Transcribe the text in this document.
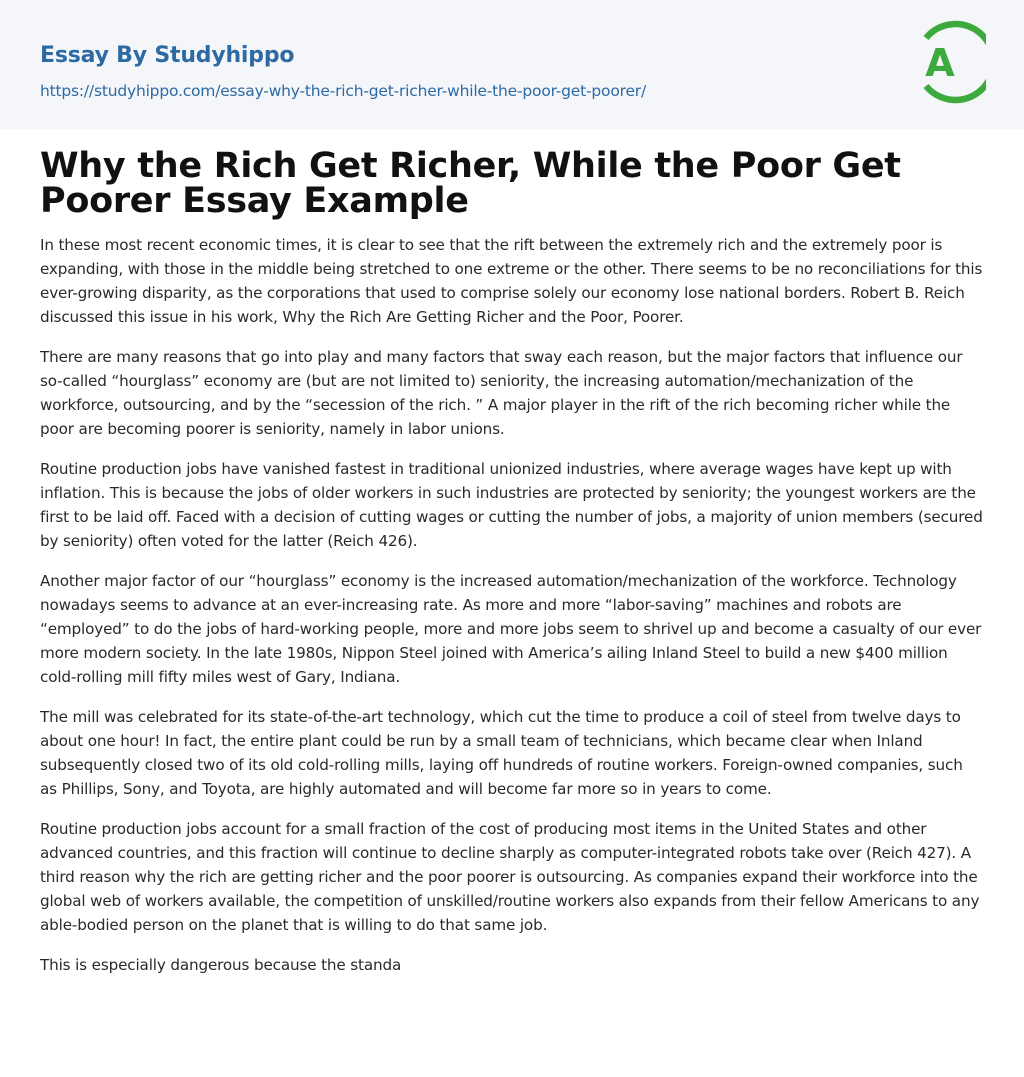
Essay By Studyhippo
https://studyhippo.com/essay-why-the-rich-get-richer-while-the-poor-get-poorer/
A
Why the Rich Get Richer, While the Poor Get Poorer Essay Example

In these most recent economic times, it is clear to see that the rift between the extremely rich and the extremely poor is expanding, with those in the middle being stretched to one extreme or the other. There seems to be no reconciliations for this ever-growing disparity, as the corporations that used to comprise solely our economy lose national borders. Robert B. Reich discussed this issue in his work, Why the Rich Are Getting Richer and the Poor, Poorer.

There are many reasons that go into play and many factors that sway each reason, but the major factors that influence our so-called “hourglass” economy are (but are not limited to) seniority, the increasing automation/mechanization of the workforce, outsourcing, and by the “secession of the rich. ” A major player in the rift of the rich becoming richer while the poor are becoming poorer is seniority, namely in labor unions.

Routine production jobs have vanished fastest in traditional unionized industries, where average wages have kept up with inflation. This is because the jobs of older workers in such industries are protected by seniority; the youngest workers are the first to be laid off. Faced with a decision of cutting wages or cutting the number of jobs, a majority of union members (secured by seniority) often voted for the latter (Reich 426).

Another major factor of our “hourglass” economy is the increased automation/mechanization of the workforce. Technology nowadays seems to advance at an ever-increasing rate. As more and more “labor-saving” machines and robots are “employed” to do the jobs of hard-working people, more and more jobs seem to shrivel up and become a casualty of our ever more modern society. In the late 1980s, Nippon Steel joined with America’s ailing Inland Steel to build a new $400 million cold-rolling mill fifty miles west of Gary, Indiana.

The mill was celebrated for its state-of-the-art technology, which cut the time to produce a coil of steel from twelve days to about one hour! In fact, the entire plant could be run by a small team of technicians, which became clear when Inland subsequently closed two of its old cold-rolling mills, laying off hundreds of routine workers. Foreign-owned companies, such as Phillips, Sony, and Toyota, are highly automated and will become far more so in years to come.

Routine production jobs account for a small fraction of the cost of producing most items in the United States and other advanced countries, and this fraction will continue to decline sharply as computer-integrated robots take over (Reich 427). A third reason why the rich are getting richer and the poor poorer is outsourcing. As companies expand their workforce into the global web of workers available, the competition of unskilled/routine workers also expands from their fellow Americans to any able-bodied person on the planet that is willing to do that same job.

This is especially dangerous because the standa
